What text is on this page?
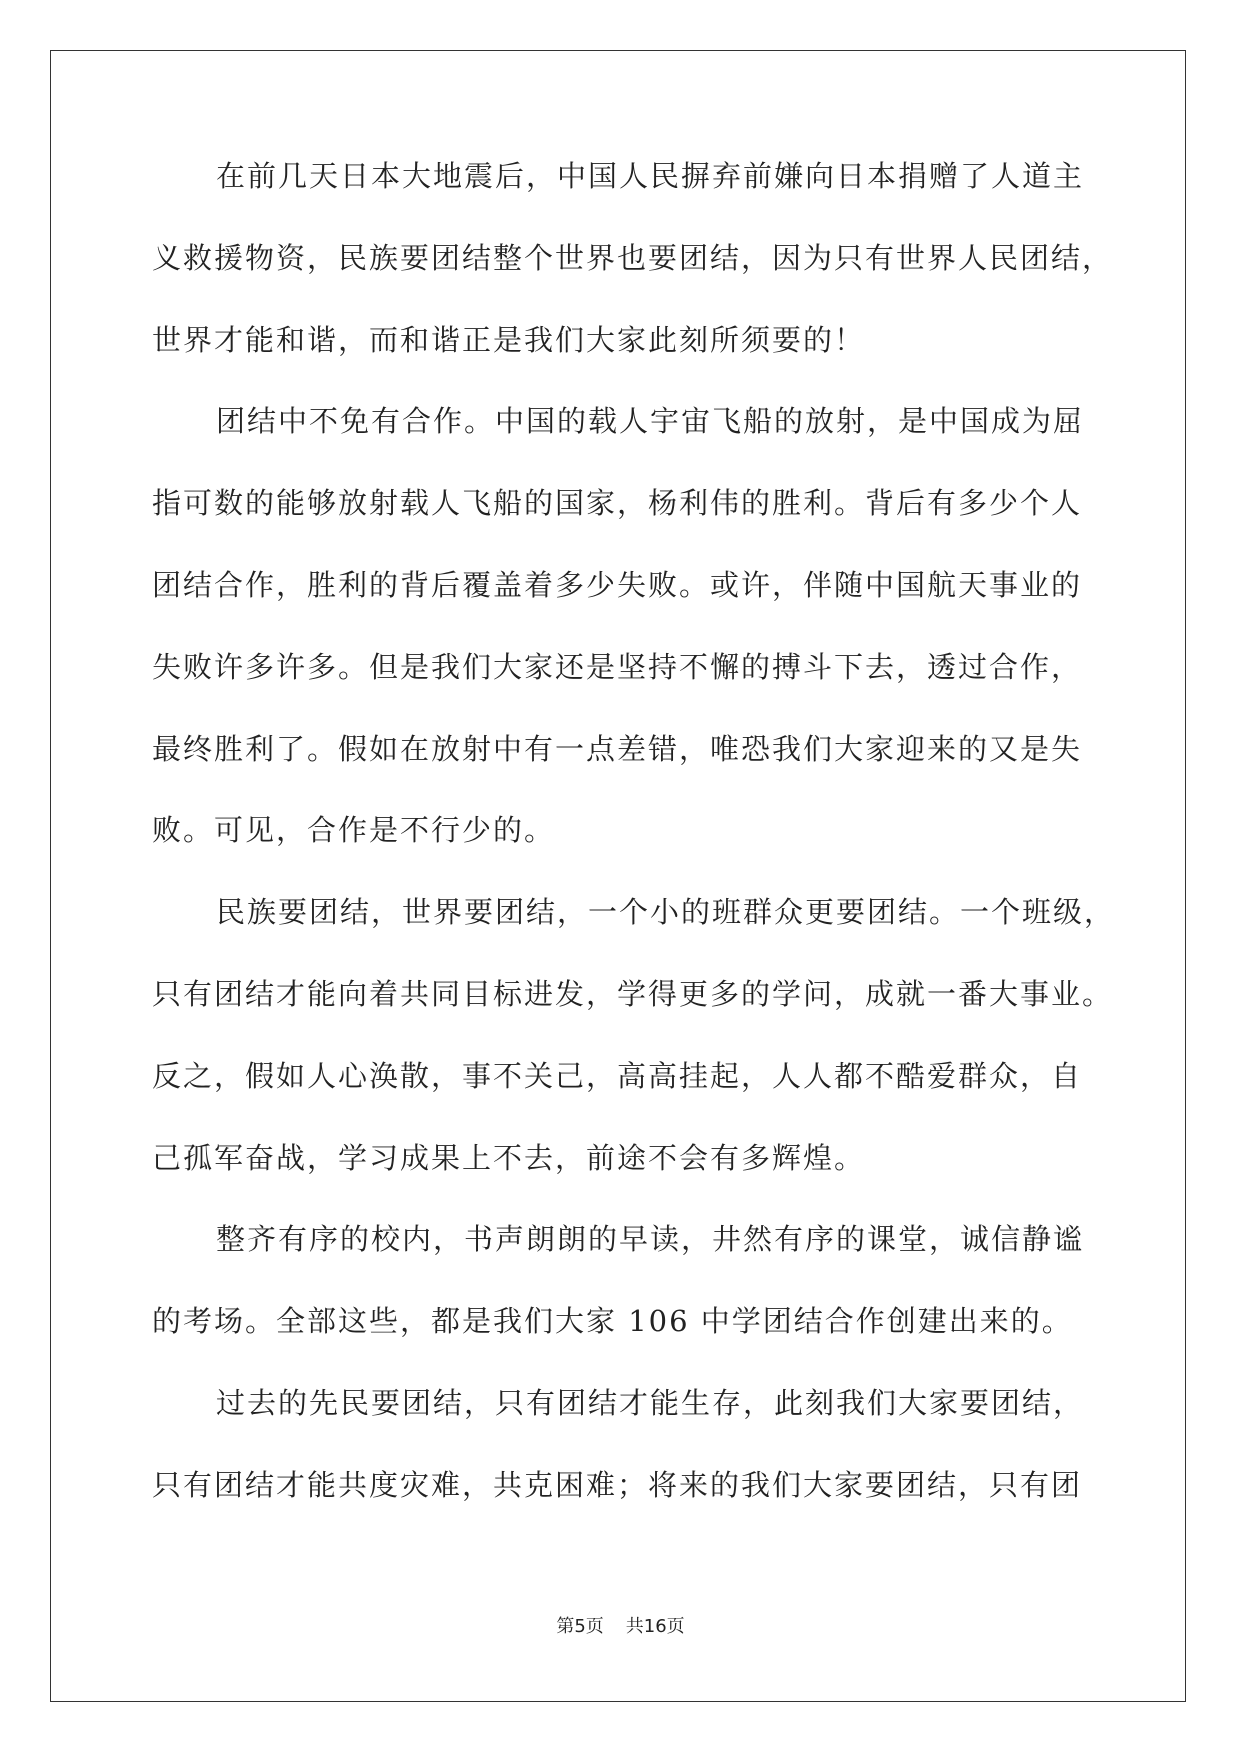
在前几天日本大地震后，中国人民摒弃前嫌向日本捐赠了人道主
义救援物资，民族要团结整个世界也要团结，因为只有世界人民团结，
世界才能和谐，而和谐正是我们大家此刻所须要的！
团结中不免有合作。中国的载人宇宙飞船的放射，是中国成为屈
指可数的能够放射载人飞船的国家，杨利伟的胜利。背后有多少个人
团结合作，胜利的背后覆盖着多少失败。或许，伴随中国航天事业的
失败许多许多。但是我们大家还是坚持不懈的搏斗下去，透过合作，
最终胜利了。假如在放射中有一点差错，唯恐我们大家迎来的又是失
败。可见，合作是不行少的。
民族要团结，世界要团结，一个小的班群众更要团结。一个班级，
只有团结才能向着共同目标进发，学得更多的学问，成就一番大事业。
反之，假如人心涣散，事不关己，高高挂起，人人都不酷爱群众，自
己孤军奋战，学习成果上不去，前途不会有多辉煌。
整齐有序的校内，书声朗朗的早读，井然有序的课堂，诚信静谧
的考场。全部这些，都是我们大家 106 中学团结合作创建出来的。
过去的先民要团结，只有团结才能生存，此刻我们大家要团结，
只有团结才能共度灾难，共克困难；将来的我们大家要团结，只有团
第5页 共16页
